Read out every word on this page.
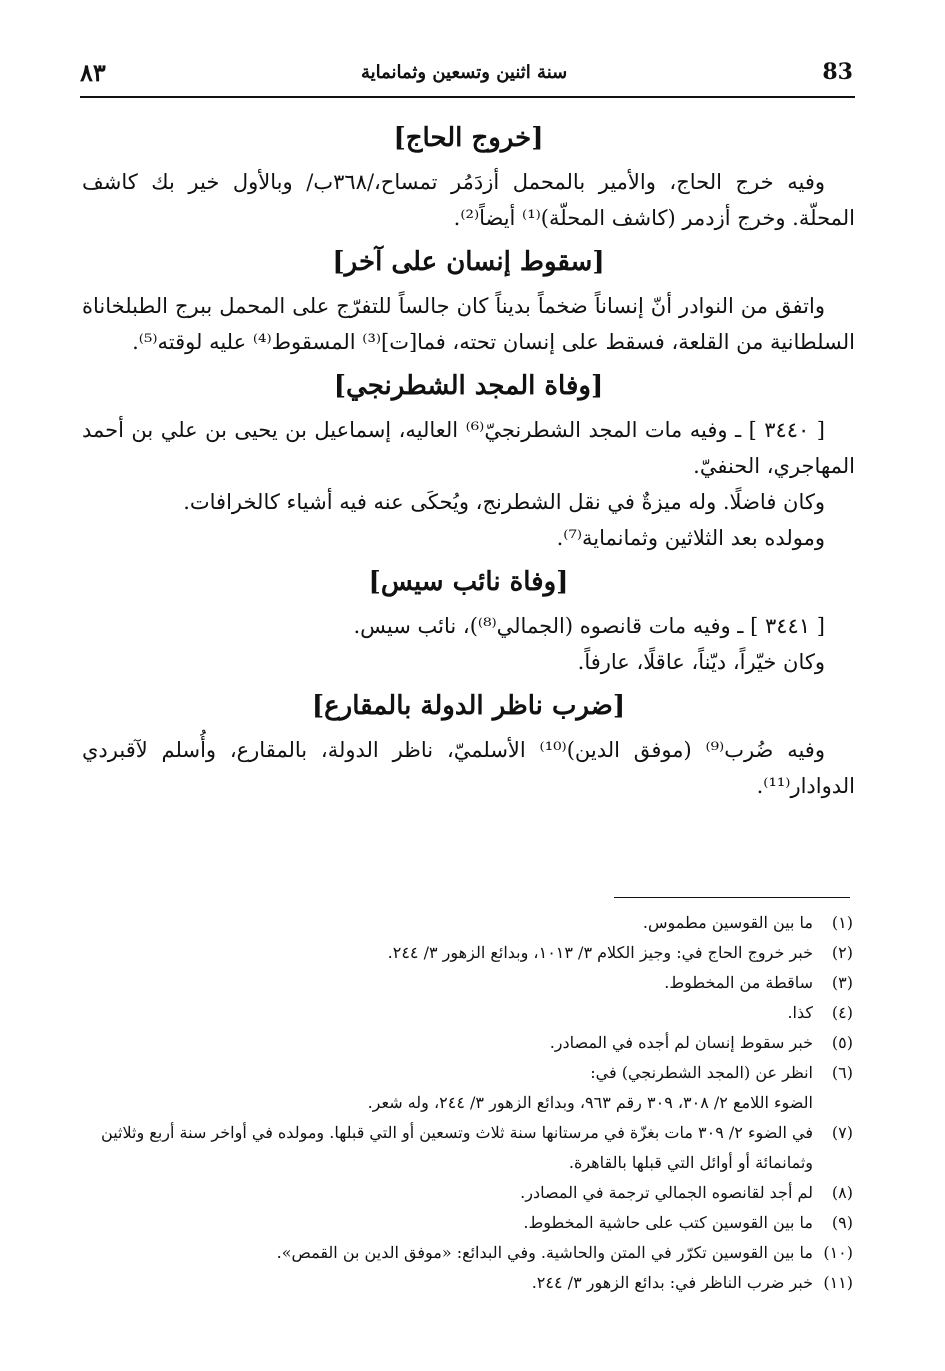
٨٣	سنة اثنين وتسعين وثمانماية	83
[خروج الحاج]

وفيه خرج الحاج، والأمير بالمحمل أزدَمُر تمساح،/٣٦٨ب/ وبالأول خير بك كاشف المحلّة. وخرج أزدمر (كاشف المحلّة)⁽¹⁾ أيضاً⁽²⁾.

[سقوط إنسان على آخر]

واتفق من النوادر أنّ إنساناً ضخماً بديناً كان جالساً للتفرّج على المحمل ببرج الطبلخاناة السلطانية من القلعة، فسقط على إنسان تحته، فما[ت]⁽³⁾ المسقوط⁽⁴⁾ عليه لوقته⁽⁵⁾.

[وفاة المجد الشطرنجي]

[ ٣٤٤٠ ] ـ وفيه مات المجد الشطرنجيّ⁽⁶⁾ العاليه، إسماعيل بن يحيى بن علي بن أحمد المهاجري، الحنفيّ.

وكان فاضلًا. وله ميزةٌ في نقل الشطرنج، ويُحكَى عنه فيه أشياء كالخرافات.

ومولده بعد الثلاثين وثمانماية⁽⁷⁾.

[وفاة نائب سيس]

[ ٣٤٤١ ] ـ وفيه مات قانصوه (الجمالي⁽⁸⁾)، نائب سيس.

وكان خيّراً، ديّناً، عاقلًا، عارفاً.

[ضرب ناظر الدولة بالمقارع]

وفيه ضُرب⁽⁹⁾ (موفق الدين)⁽¹⁰⁾ الأسلميّ، ناظر الدولة، بالمقارع، وأُسلم لآقبردي الدوادار⁽¹¹⁾.

(١)
ما بين القوسين مطموس.
(٢)
خبر خروج الحاج في: وجيز الكلام ٣/ ١٠١٣، وبدائع الزهور ٣/ ٢٤٤.
(٣)
ساقطة من المخطوط.
(٤)
كذا.
(٥)
خبر سقوط إنسان لم أجده في المصادر.
(٦)
انظر عن (المجد الشطرنجي) في:
الضوء اللامع ٢/ ٣٠٨، ٣٠٩ رقم ٩٦٣، وبدائع الزهور ٣/ ٢٤٤، وله شعر.
(٧)
في الضوء ٢/ ٣٠٩ مات بغزّة في مرستانها سنة ثلاث وتسعين أو التي قبلها. ومولده في أواخر سنة أربع وثلاثين وثمانمائة أو أوائل التي قبلها بالقاهرة.
(٨)
لم أجد لقانصوه الجمالي ترجمة في المصادر.
(٩)
ما بين القوسين كتب على حاشية المخطوط.
(١٠)
ما بين القوسين تكرّر في المتن والحاشية. وفي البدائع: «موفق الدين بن القمص».
(١١)
خبر ضرب الناظر في: بدائع الزهور ٣/ ٢٤٤.
